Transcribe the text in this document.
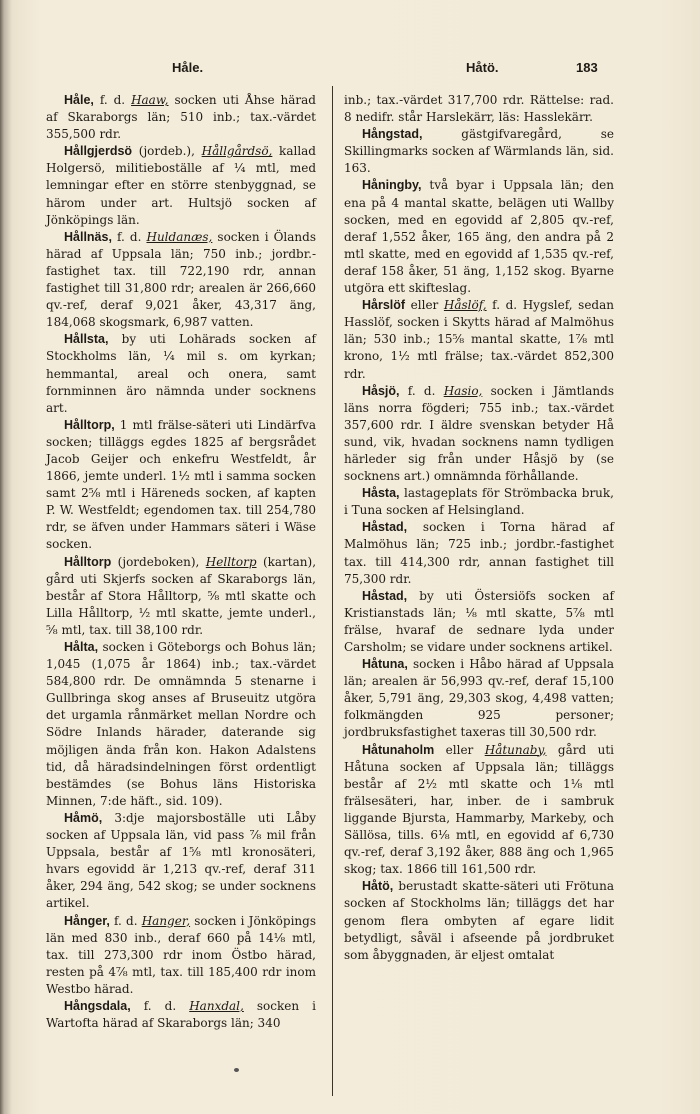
Håle.	Håtö.	183

Håle, f. d. Haaw, socken uti Åhse härad af Skaraborgs län; 510 inb.; tax.-värdet 355,500 rdr.

Hållgjerdsö (jordeb.), Hållgårdsö, kallad Holgersö, militieboställe af ¼ mtl, med lemningar efter en större stenbyggnad, se härom under art. Hultsjö socken af Jönköpings län.

Hållnäs, f. d. Huldanæs, socken i Ölands härad af Uppsala län; 750 inb.; jordbr.-fastighet tax. till 722,190 rdr, annan fastighet till 31,800 rdr; arealen är 266,660 qv.-ref, deraf 9,021 åker, 43,317 äng, 184,068 skogsmark, 6,987 vatten.

Hållsta, by uti Lohärads socken af Stockholms län, ¼ mil s. om kyrkan; hemmantal, areal och onera, samt fornminnen äro nämnda under socknens art.

Hålltorp, 1 mtl frälse-säteri uti Lindärfva socken; tilläggs egdes 1825 af bergsrådet Jacob Geijer och enkefru Westfeldt, år 1866, jemte underl. 1½ mtl i samma socken samt 2⅝ mtl i Häreneds socken, af kapten P. W. Westfeldt; egendomen tax. till 254,780 rdr, se äfven under Hammars säteri i Wäse socken.

Hålltorp (jordeboken), Helltorp (kartan), gård uti Skjerfs socken af Skaraborgs län, består af Stora Hålltorp, ⅝ mtl skatte och Lilla Hålltorp, ½ mtl skatte, jemte underl., ⅝ mtl, tax. till 38,100 rdr.

Hålta, socken i Göteborgs och Bohus län; 1,045 (1,075 år 1864) inb.; tax.-värdet 584,800 rdr. De omnämnda 5 stenarne i Gullbringa skog anses af Bruseuitz utgöra det urgamla rånmärket mellan Nordre och Södre Inlands härader, daterande sig möjligen ända från kon. Hakon Adalstens tid, då häradsindelningen först ordentligt bestämdes (se Bohus läns Historiska Minnen, 7:de häft., sid. 109).

Håmö, 3:dje majorsboställe uti Låby socken af Uppsala län, vid pass ⅞ mil från Uppsala, består af 1⅝ mtl kronosäteri, hvars egovidd är 1,213 qv.-ref, deraf 311 åker, 294 äng, 542 skog; se under socknens artikel.

Hånger, f. d. Hanger, socken i Jönköpings län med 830 inb., deraf 660 på 14⅛ mtl, tax. till 273,300 rdr inom Östbo härad, resten på 4⅞ mtl, tax. till 185,400 rdr inom Westbo härad.

Hångsdala, f. d. Hanxdal, socken i Wartofta härad af Skaraborgs län; 340

inb.; tax.-värdet 317,700 rdr. Rättelse: rad. 8 nedifr. står Harslekärr, läs: Hasslekärr.

Hångstad, gästgifvaregård, se Skillingmarks socken af Wärmlands län, sid. 163.

Håningby, två byar i Uppsala län; den ena på 4 mantal skatte, belägen uti Wallby socken, med en egovidd af 2,805 qv.-ref, deraf 1,552 åker, 165 äng, den andra på 2 mtl skatte, med en egovidd af 1,535 qv.-ref, deraf 158 åker, 51 äng, 1,152 skog. Byarne utgöra ett skifteslag.

Hårslöf eller Håslöf, f. d. Hygslef, sedan Hasslöf, socken i Skytts härad af Malmöhus län; 530 inb.; 15⅝ mantal skatte, 1⅞ mtl krono, 1½ mtl frälse; tax.-värdet 852,300 rdr.

Håsjö, f. d. Hasio, socken i Jämtlands läns norra fögderi; 755 inb.; tax.-värdet 357,600 rdr. I äldre svenskan betyder Hå sund, vik, hvadan socknens namn tydligen härleder sig från under Håsjö by (se socknens art.) omnämnda förhållande.

Håsta, lastageplats för Strömbacka bruk, i Tuna socken af Helsingland.

Håstad, socken i Torna härad af Malmöhus län; 725 inb.; jordbr.-fastighet tax. till 414,300 rdr, annan fastighet till 75,300 rdr.

Håstad, by uti Östersiöfs socken af Kristianstads län; ⅛ mtl skatte, 5⅞ mtl frälse, hvaraf de sednare lyda under Carsholm; se vidare under socknens artikel.

Håtuna, socken i Håbo härad af Uppsala län; arealen är 56,993 qv.-ref, deraf 15,100 åker, 5,791 äng, 29,303 skog, 4,498 vatten; folkmängden 925 personer; jordbruksfastighet taxeras till 30,500 rdr.

Håtunaholm eller Håtunaby, gård uti Håtuna socken af Uppsala län; tilläggs består af 2½ mtl skatte och 1⅛ mtl frälsesäteri, har, inber. de i sambruk liggande Bjursta, Hammarby, Markeby, och Sällösa, tills. 6⅛ mtl, en egovidd af 6,730 qv.-ref, deraf 3,192 åker, 888 äng och 1,965 skog; tax. 1866 till 161,500 rdr.

Håtö, berustadt skatte-säteri uti Frötuna socken af Stockholms län; tilläggs det har genom flera ombyten af egare lidit betydligt, såväl i afseende på jordbruket som åbyggnaden, är eljest omtalat
